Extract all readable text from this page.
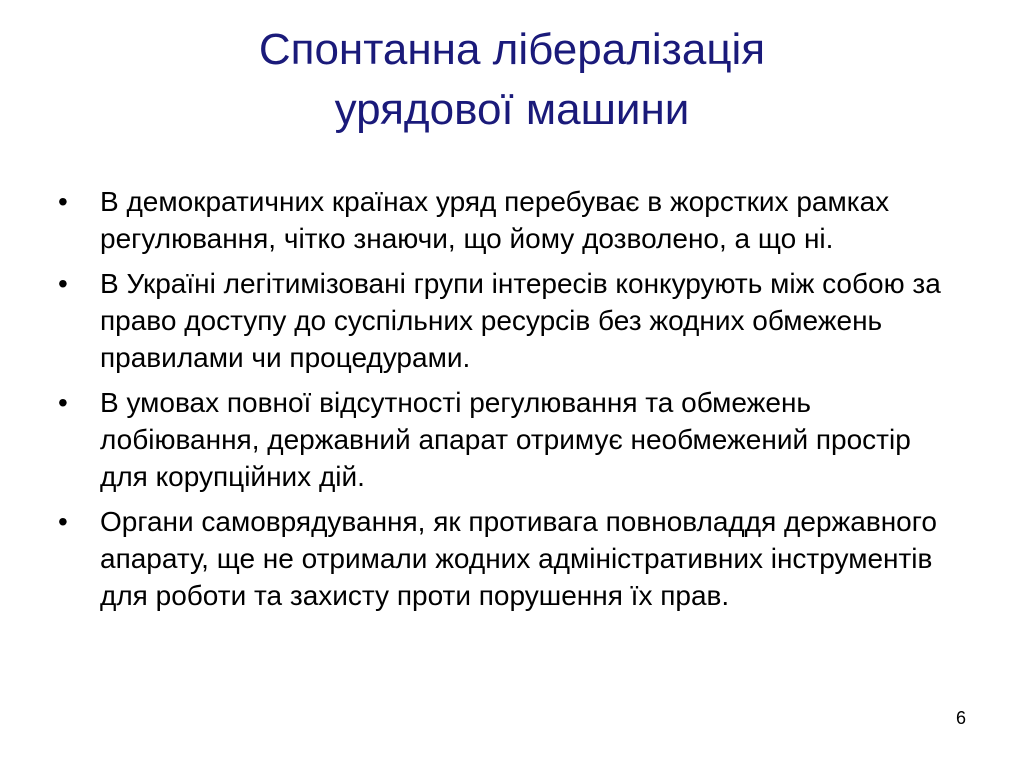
Спонтанна лібералізація
урядової машини
•	В демократичних країнах уряд перебуває в жорстких рамках регулювання, чітко знаючи, що йому дозволено, а що ні.
•	В Україні легітимізовані групи інтересів конкурують між собою за право доступу до суспільних ресурсів без жодних обмежень правилами чи процедурами.
•	В умовах повної відсутності регулювання та обмежень лобіювання, державний апарат отримує необмежений простір для корупційних дій.
•	Органи самоврядування, як противага повновладдя державного апарату, ще не отримали жодних адміністративних інструментів для роботи та захисту проти порушення їх прав.
6
